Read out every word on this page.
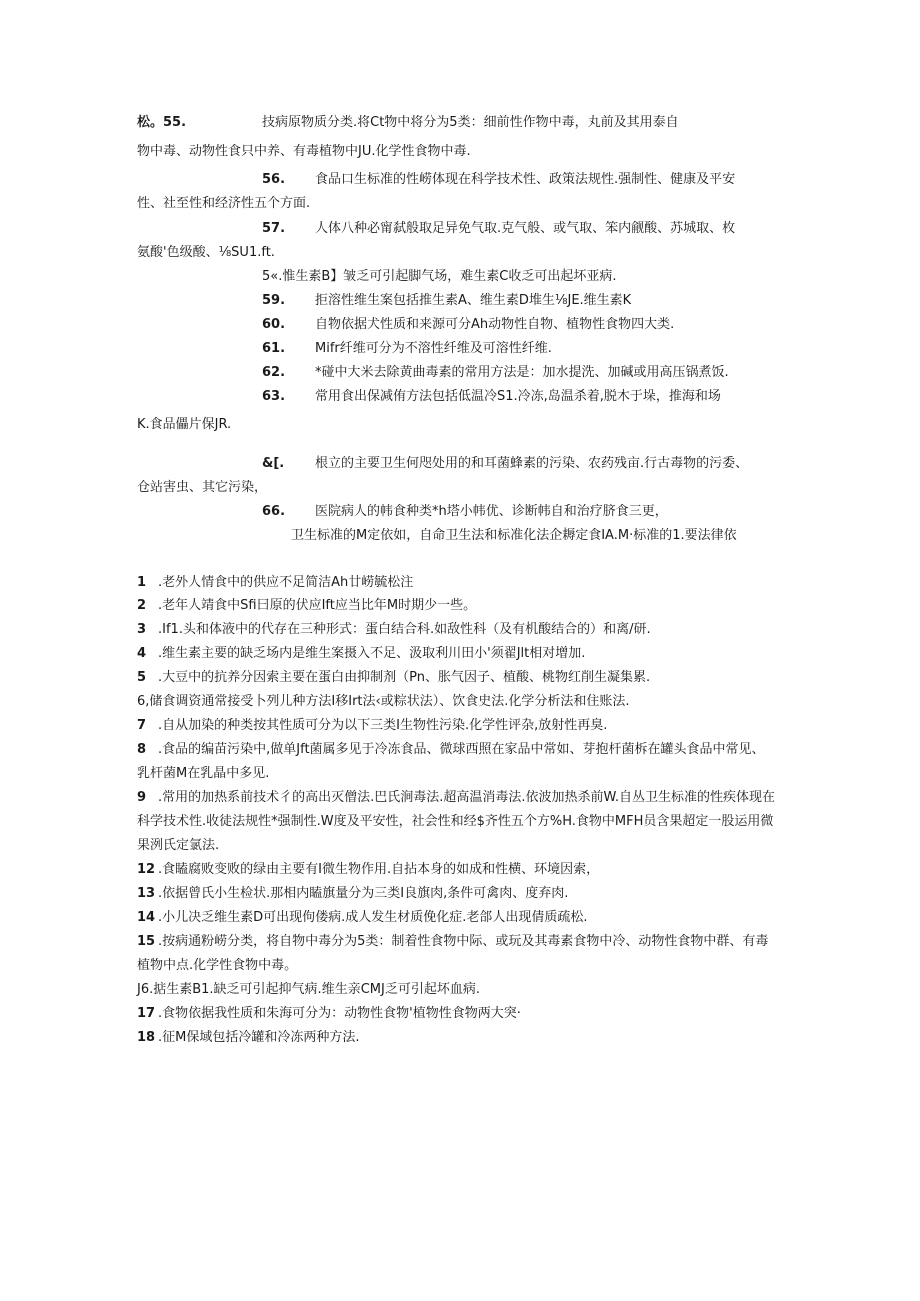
松。55.	技病原物质分类.将Ct物中将分为5类：细前性作物中毒，丸前及其用泰自
物中毒、动物性食只中养、有毒植物中JU.化学性食物中毒.
56. 食品口生标准的性崂体现在科学技术性、政策法规性.强制性、健康及平安
性、社至性和经济性五个方面.
57. 人体八种必甯弑般取足异免气取.克气般、或气取、笨内觎酸、苏城取、枚
氨酸'色级酸、⅛SU1.ft.
5«.惟生素B】皱乏可引起脚气场，难生素C收乏可出起坏亚病.
59. 拒溶性维生案包括推生素A、维生素D堆生⅛JE.维生素K
60. 自物依据犬性质和来源可分Ah动物性自物、植物性食物四大类.
61. Mifr纤维可分为不溶性纤维及可溶性纤维.
62. *碰中大米去除黄曲毒素的常用方法是：加水提洗、加碱或用高压锅煮饭.
63. 常用食出保减侑方法包括低温冷S1.冷冻,岛温杀着,脱木于垛，推海和场
K.食品儡片保JR.
&[. 根立的主要卫生何咫处用的和耳菌蜂素的污染、农药残亩.行古毒物的污委、
仓站害虫、其它污染，
66. 医院病人的帏食种类*h塔小帏优、诊断帏自和治疗脐食三更，
卫生标准的M定依如，自命卫生法和标准化法企耨定食IA.M·标准的1.要法律依
1 .老外人情食中的供应不足简洁Ah廿崂毓松注
2 .老年人靖食中Sfi曰原的伏应Ift应当比年M时期少一些。
3 .If1.头和体液中的代存在三种形式：蛋白结合科.如敌性科（及有机酸结合的）和离/研.
4 .维生素主要的缺乏场内是维生案摄入不足、汲取利川田小'须翟Jlt相对增加.
5 .大豆中的抗养分因索主要在蛋白由抑制剂（Pn、胀气因子、植酸、桃物红削生凝集累.
6,储食调资通常接受卜列儿种方法I移Irt法‹或粽状法）、饮食史法.化学分析法和住账法.
7 .自从加染的种类按其性质可分为以下三类I生物性污染.化学性评杂,放射性再臭.
8 .食品的编苗污染中,做单Jft菌属多见于冷冻食品、微球西照在家品中常如、芽抱杆菌柝在罐头食品中常见、
乳杆菌M在乳晶中多见.
9 .常用的加热系前技术彳的高出灭僧法.巴氏涧毒法.超高温消毒法.依波加热杀前W.自丛卫生标准的性疾体现在
科学技术性.收徒法规性*强制性.W度及平安性，社会性和经$齐性五个方%H.食物中MFH员含果超定一股运用微
果洌氏定氯法.
12 .食瞌腐败变败的绿由主要有I微生物作用.自拈本身的如成和性横、环境因索，
13 .依据曾氏小生检状.那相内瞌旗量分为三类I良旗肉,条件可禽肉、度弃肉.
14 .小儿决乏维生素D可出现佝偻病.成人发生材质俛化症.老郃人出现倩质疏松.
15 .按病通粉崂分类，将自物中毒分为5类：制着性食物中际、或玩及其毒素食物中冷、动物性食物中群、有毒
植物中点.化学性食物中毒。
J6.掂生素B1.缺乏可引起抑气病.维生亲CMJ乏可引起坏血病.
17 .食物依据我性质和朱海可分为：动物性食物'植物性食物两大突·
18 .征M保域包括冷罐和冷冻两种方法.
